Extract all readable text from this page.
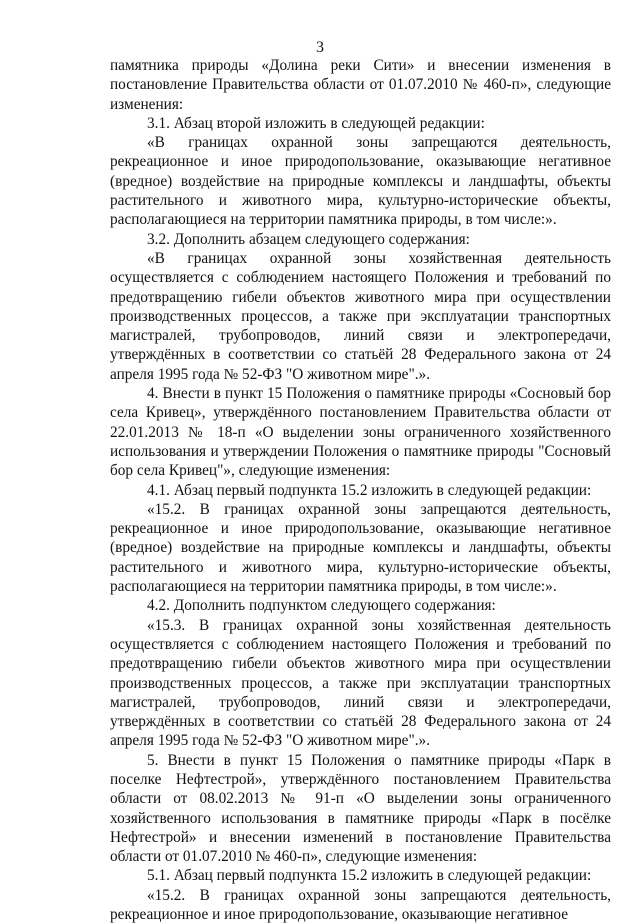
3

памятника природы «Долина реки Сити» и внесении изменения в постановление Правительства области от 01.07.2010 № 460-п», следующие изменения:

3.1. Абзац второй изложить в следующей редакции:

«В границах охранной зоны запрещаются деятельность, рекреационное и иное природопользование, оказывающие негативное (вредное) воздействие на природные комплексы и ландшафты, объекты растительного и животного мира, культурно-исторические объекты, располагающиеся на территории памятника природы, в том числе:».

3.2. Дополнить абзацем следующего содержания:

«В границах охранной зоны хозяйственная деятельность осуществляется с соблюдением настоящего Положения и требований по предотвращению гибели объектов животного мира при осуществлении производственных процессов, а также при эксплуатации транспортных магистралей, трубопроводов, линий связи и электропередачи, утверждённых в соответствии со статьёй 28 Федерального закона от 24 апреля 1995 года № 52-ФЗ "О животном мире".».

4. Внести в пункт 15 Положения о памятнике природы «Сосновый бор села Кривец», утверждённого постановлением Правительства области от 22.01.2013 № 18-п «О выделении зоны ограниченного хозяйственного использования и утверждении Положения о памятнике природы "Сосновый бор села Кривец"», следующие изменения:

4.1. Абзац первый подпункта 15.2 изложить в следующей редакции:

«15.2. В границах охранной зоны запрещаются деятельность, рекреационное и иное природопользование, оказывающие негативное (вредное) воздействие на природные комплексы и ландшафты, объекты растительного и животного мира, культурно-исторические объекты, располагающиеся на территории памятника природы, в том числе:».

4.2. Дополнить подпунктом следующего содержания:

«15.3. В границах охранной зоны хозяйственная деятельность осуществляется с соблюдением настоящего Положения и требований по предотвращению гибели объектов животного мира при осуществлении производственных процессов, а также при эксплуатации транспортных магистралей, трубопроводов, линий связи и электропередачи, утверждённых в соответствии со статьёй 28 Федерального закона от 24 апреля 1995 года № 52-ФЗ "О животном мире".».

5. Внести в пункт 15 Положения о памятнике природы «Парк в поселке Нефтестрой», утверждённого постановлением Правительства области от 08.02.2013 № 91-п «О выделении зоны ограниченного хозяйственного использования в памятнике природы «Парк в посёлке Нефтестрой» и внесении изменений в постановление Правительства области от 01.07.2010 № 460-п», следующие изменения:

5.1. Абзац первый подпункта 15.2 изложить в следующей редакции:

«15.2. В границах охранной зоны запрещаются деятельность, рекреационное и иное природопользование, оказывающие негативное
